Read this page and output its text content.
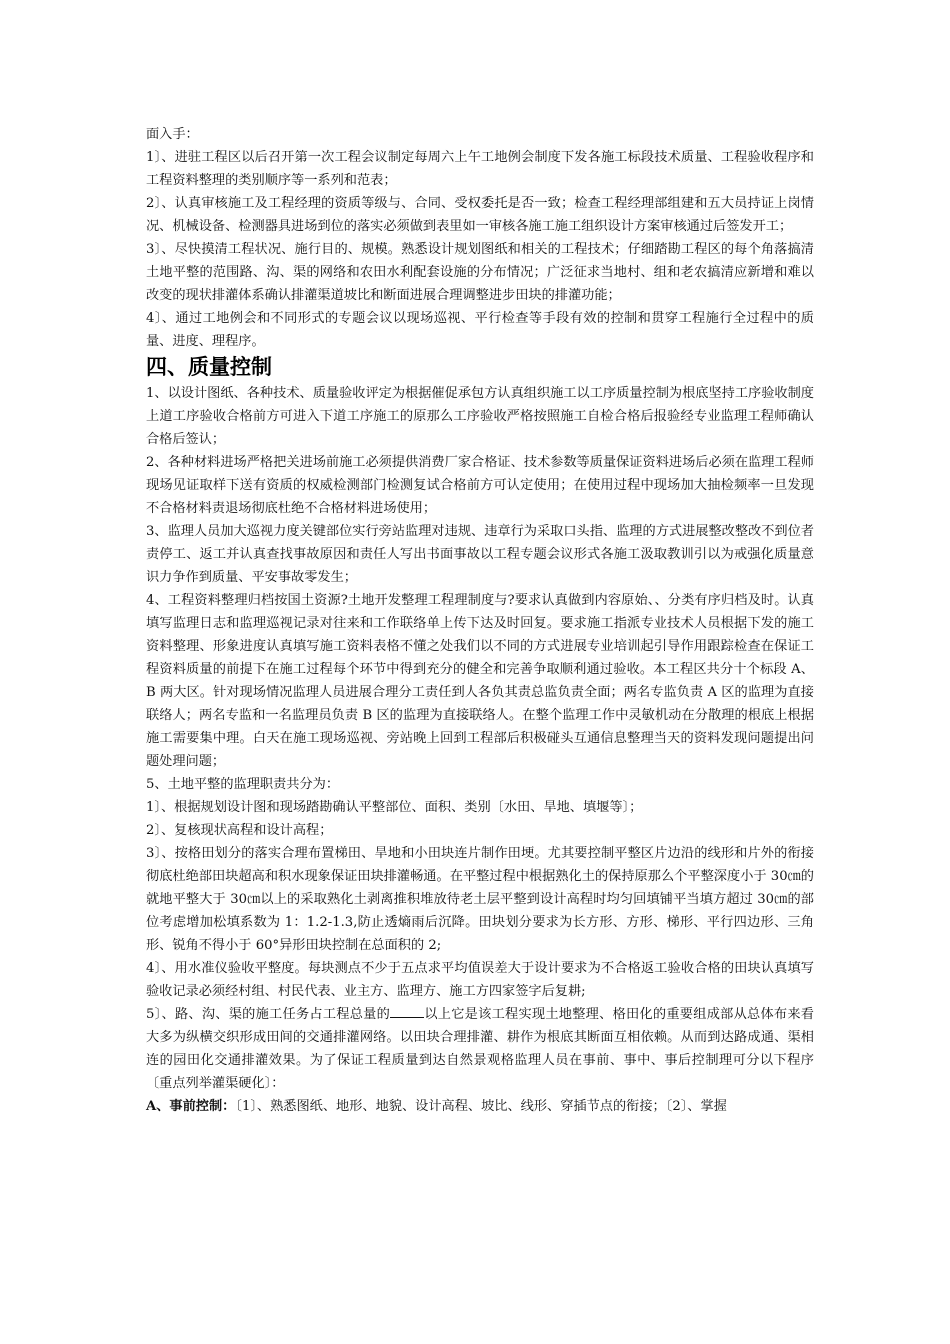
面入手：

1〕、进驻工程区以后召开第一次工程会议制定每周六上午工地例会制度下发各施工标段技术质量、工程验收程序和工程资料整理的类别顺序等一系列和范表；

2〕、认真审核施工及工程经理的资质等级与、合同、受权委托是否一致；检查工程经理部组建和五大员持证上岗情况、机械设备、检测器具进场到位的落实必须做到表里如一审核各施工施工组织设计方案审核通过后签发开工；

3〕、尽快摸清工程状况、施行目的、规模。熟悉设计规划图纸和相关的工程技术；仔细踏勘工程区的每个角落搞清土地平整的范围路、沟、渠的网络和农田水利配套设施的分布情况；广泛征求当地村、组和老农搞清应新增和难以改变的现状排灌体系确认排灌渠道坡比和断面进展合理调整进步田块的排灌功能；

4〕、通过工地例会和不同形式的专题会议以现场巡视、平行检查等手段有效的控制和贯穿工程施行全过程中的质量、进度、理程序。

四、质量控制

1、以设计图纸、各种技术、质量验收评定为根据催促承包方认真组织施工以工序质量控制为根底坚持工序验收制度上道工序验收合格前方可进入下道工序施工的原那么工序验收严格按照施工自检合格后报验经专业监理工程师确认合格后签认；

2、各种材料进场严格把关进场前施工必须提供消费厂家合格证、技术参数等质量保证资料进场后必须在监理工程师现场见证取样下送有资质的权威检测部门检测复试合格前方可认定使用；在使用过程中现场加大抽检频率一旦发现不合格材料责退场彻底杜绝不合格材料进场使用；

3、监理人员加大巡视力度关键部位实行旁站监理对违规、违章行为采取口头指、监理的方式进展整改整改不到位者责停工、返工并认真查找事故原因和责任人写出书面事故以工程专题会议形式各施工汲取教训引以为戒强化质量意识力争作到质量、平安事故零发生；

4、工程资料整理归档按国土资源?土地开发整理工程理制度与?要求认真做到内容原始、、分类有序归档及时。认真填写监理日志和监理巡视记录对往来和工作联络单上传下达及时回复。要求施工指派专业技术人员根据下发的施工资料整理、形象进度认真填写施工资料表格不懂之处我们以不同的方式进展专业培训起引导作用跟踪检查在保证工程资料质量的前提下在施工过程每个环节中得到充分的健全和完善争取顺利通过验收。本工程区共分十个标段 A、B 两大区。针对现场情况监理人员进展合理分工责任到人各负其责总监负责全面；两名专监负责 A 区的监理为直接联络人；两名专监和一名监理员负责 B 区的监理为直接联络人。在整个监理工作中灵敏机动在分散理的根底上根据施工需要集中理。白天在施工现场巡视、旁站晚上回到工程部后积极碰头互通信息整理当天的资料发现问题提出问题处理问题；

5、土地平整的监理职责共分为：

1〕、根据规划设计图和现场踏勘确认平整部位、面积、类别〔水田、旱地、填堰等〕；

2〕、复核现状高程和设计高程；

3〕、按格田划分的落实合理布置梯田、旱地和小田块连片制作田埂。尤其要控制平整区片边沿的线形和片外的衔接彻底杜绝部田块超高和积水现象保证田块排灌畅通。在平整过程中根据熟化土的保持原那么个平整深度小于 30㎝的就地平整大于 30㎝以上的采取熟化土剥离推积堆放待老土层平整到设计高程时均匀回填铺平当填方超过 30㎝的部位考虑增加松填系数为 1：1.2-1.3,防止透熵雨后沉降。田块划分要求为长方形、方形、梯形、平行四边形、三角形、锐角不得小于 60°异形田块控制在总面积的 2;

4〕、用水准仪验收平整度。每块测点不少于五点求平均值误差大于设计要求为不合格返工验收合格的田块认真填写验收记录必须经村组、村民代表、业主方、监理方、施工方四家签字后复耕;

5〕、路、沟、渠的施工任务占工程总量的	以上它是该工程实现土地整理、格田化的重要组成部从总体布来看大多为纵横交织形成田间的交通排灌网络。以田块合理排灌、耕作为根底其断面互相依赖。从而到达路成通、渠相连的园田化交通排灌效果。为了保证工程质量到达自然景观格监理人员在事前、事中、事后控制理可分以下程序〔重点列举灌渠硬化〕：

A、事前控制：〔1〕、熟悉图纸、地形、地貌、设计高程、坡比、线形、穿插节点的衔接；〔2〕、掌握
